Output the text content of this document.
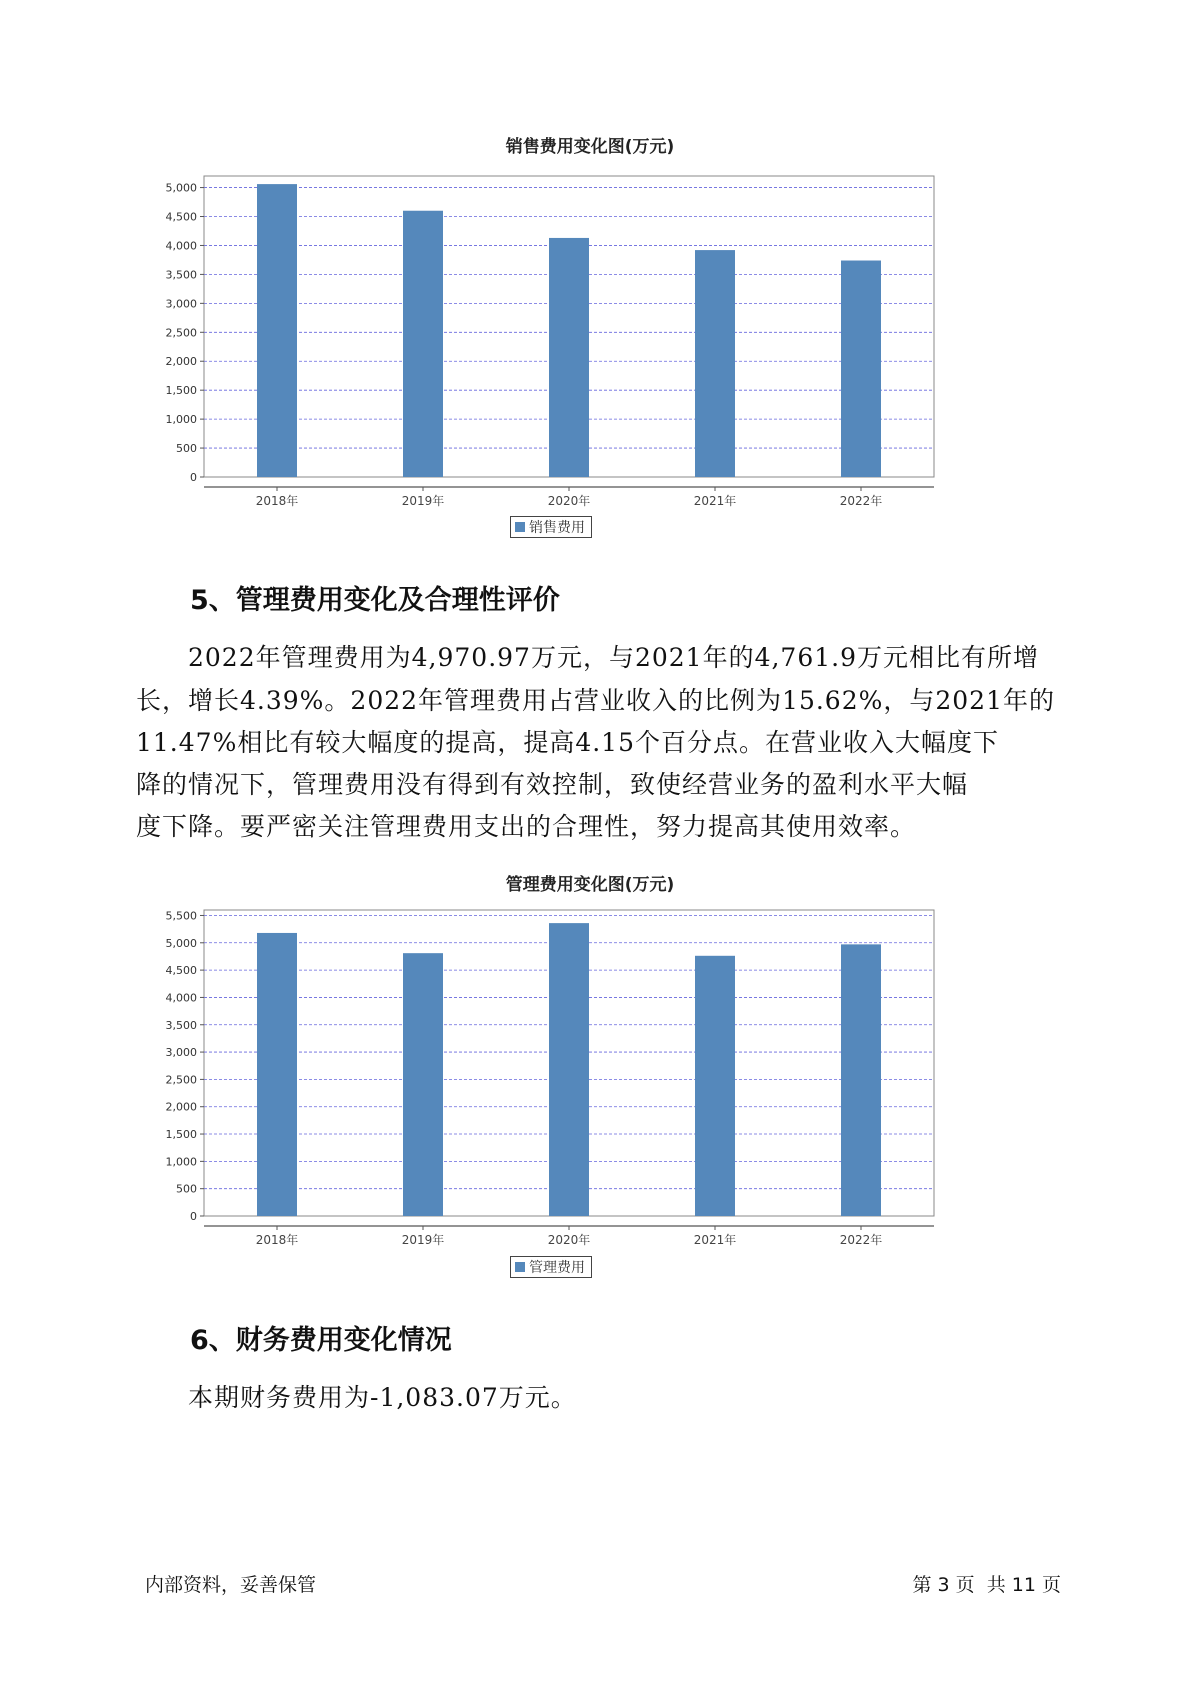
销售费用变化图(万元)
0
500
1,000
1,500
2,000
2,500
3,000
3,500
4,000
4,500
5,000
2018年	2019年	2020年	2021年	2022年
销售费用
5、管理费用变化及合理性评价
2022年管理费用为4,970.97万元，与2021年的4,761.9万元相比有所增
长，增长4.39%。2022年管理费用占营业收入的比例为15.62%，与2021年的
11.47%相比有较大幅度的提高，提高4.15个百分点。在营业收入大幅度下
降的情况下，管理费用没有得到有效控制，致使经营业务的盈利水平大幅
度下降。要严密关注管理费用支出的合理性，努力提高其使用效率。
管理费用变化图(万元)
0
500
1,000
1,500
2,000
2,500
3,000
3,500
4,000
4,500
5,000
5,500
2018年	2019年	2020年	2021年	2022年
管理费用
6、财务费用变化情况
本期财务费用为-1,083.07万元。
内部资料，妥善保管	第 3 页  共 11 页
